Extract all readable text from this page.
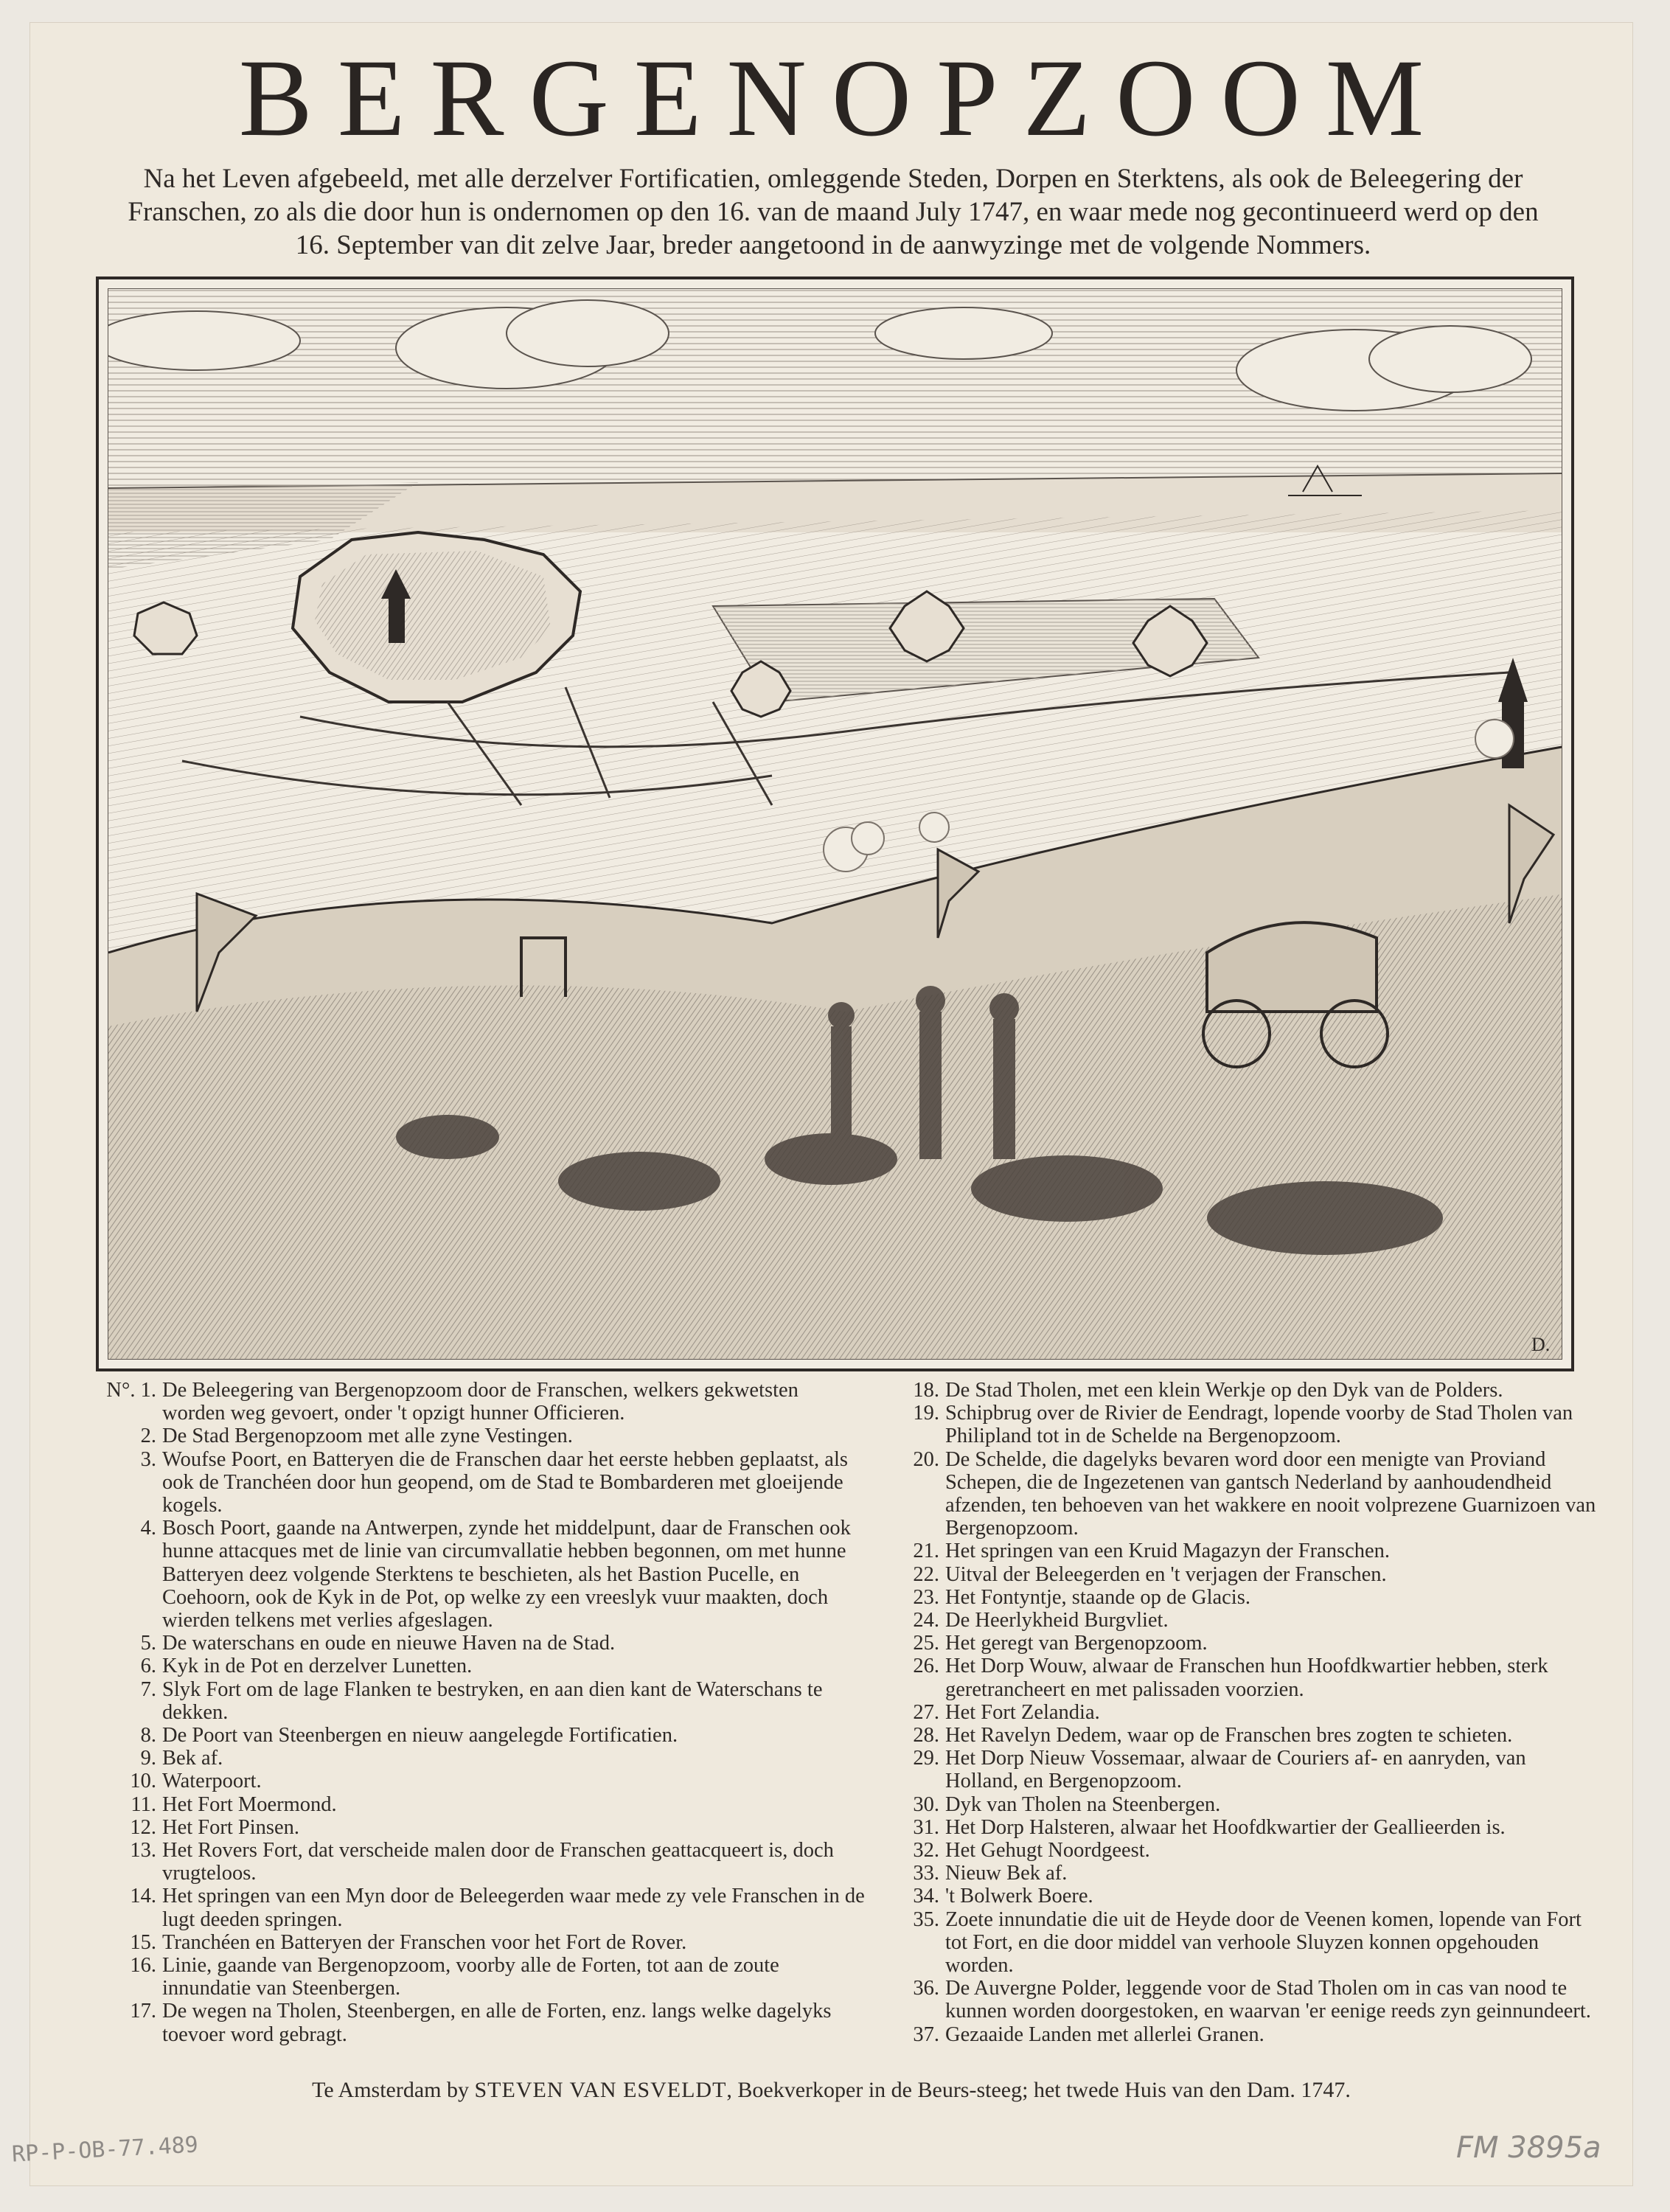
BERGENOPZOOM
Na het Leven afgebeeld, met alle derzelver Fortificatien, omleggende Steden, Dorpen en Sterktens, als ook de Beleegering der Franschen, zo als die door hun is ondernomen op den 16. van de maand July 1747, en waar mede nog gecontinueerd werd op den 16. September van dit zelve Jaar, breder aangetoond in de aanwyzinge met de volgende Nommers.
D.
N°. 1. De Beleegering van Bergenopzoom door de Franschen, welkers gekwetsten worden weg gevoert, onder 't opzigt hunner Officieren.
2. De Stad Bergenopzoom met alle zyne Vestingen.
3. Woufse Poort, en Batteryen die de Franschen daar het eerste hebben geplaatst, als ook de Tranchéen door hun geopend, om de Stad te Bombarderen met gloeijende kogels.
4. Bosch Poort, gaande na Antwerpen, zynde het middelpunt, daar de Franschen ook hunne attacques met de linie van circumvallatie hebben begonnen, om met hunne Batteryen deez volgende Sterktens te beschieten, als het Bastion Pucelle, en Coehoorn, ook de Kyk in de Pot, op welke zy een vreeslyk vuur maakten, doch wierden telkens met verlies afgeslagen.
5. De waterschans en oude en nieuwe Haven na de Stad.
6. Kyk in de Pot en derzelver Lunetten.
7. Slyk Fort om de lage Flanken te bestryken, en aan dien kant de Waterschans te dekken.
8. De Poort van Steenbergen en nieuw aangelegde Fortificatien.
9. Bek af.
10. Waterpoort.
11. Het Fort Moermond.
12. Het Fort Pinsen.
13. Het Rovers Fort, dat verscheide malen door de Franschen geattacqueert is, doch vrugteloos.
14. Het springen van een Myn door de Beleegerden waar mede zy vele Franschen in de lugt deeden springen.
15. Tranchéen en Batteryen der Franschen voor het Fort de Rover.
16. Linie, gaande van Bergenopzoom, voorby alle de Forten, tot aan de zoute innundatie van Steenbergen.
17. De wegen na Tholen, Steenbergen, en alle de Forten, enz. langs welke dagelyks toevoer word gebragt.
18. De Stad Tholen, met een klein Werkje op den Dyk van de Polders.
19. Schipbrug over de Rivier de Eendragt, lopende voorby de Stad Tholen van Philipland tot in de Schelde na Bergenopzoom.
20. De Schelde, die dagelyks bevaren word door een menigte van Proviand Schepen, die de Ingezetenen van gantsch Nederland by aanhoudendheid afzenden, ten behoeven van het wakkere en nooit volprezene Guarnizoen van Bergenopzoom.
21. Het springen van een Kruid Magazyn der Franschen.
22. Uitval der Beleegerden en 't verjagen der Franschen.
23. Het Fontyntje, staande op de Glacis.
24. De Heerlykheid Burgvliet.
25. Het geregt van Bergenopzoom.
26. Het Dorp Wouw, alwaar de Franschen hun Hoofdkwartier hebben, sterk geretrancheert en met palissaden voorzien.
27. Het Fort Zelandia.
28. Het Ravelyn Dedem, waar op de Franschen bres zogten te schieten.
29. Het Dorp Nieuw Vossemaar, alwaar de Couriers af- en aanryden, van Holland, en Bergenopzoom.
30. Dyk van Tholen na Steenbergen.
31. Het Dorp Halsteren, alwaar het Hoofdkwartier der Geallieerden is.
32. Het Gehugt Noordgeest.
33. Nieuw Bek af.
34. 't Bolwerk Boere.
35. Zoete innundatie die uit de Heyde door de Veenen komen, lopende van Fort tot Fort, en die door middel van verhoole Sluyzen konnen opgehouden worden.
36. De Auvergne Polder, leggende voor de Stad Tholen om in cas van nood te kunnen worden doorgestoken, en waarvan 'er eenige reeds zyn geinnundeert.
37. Gezaaide Landen met allerlei Granen.
Te Amsterdam by STEVEN VAN ESVELDT, Boekverkoper in de Beurs-steeg; het twede Huis van den Dam. 1747.
RP-P-OB-77.489	FM 3895a
